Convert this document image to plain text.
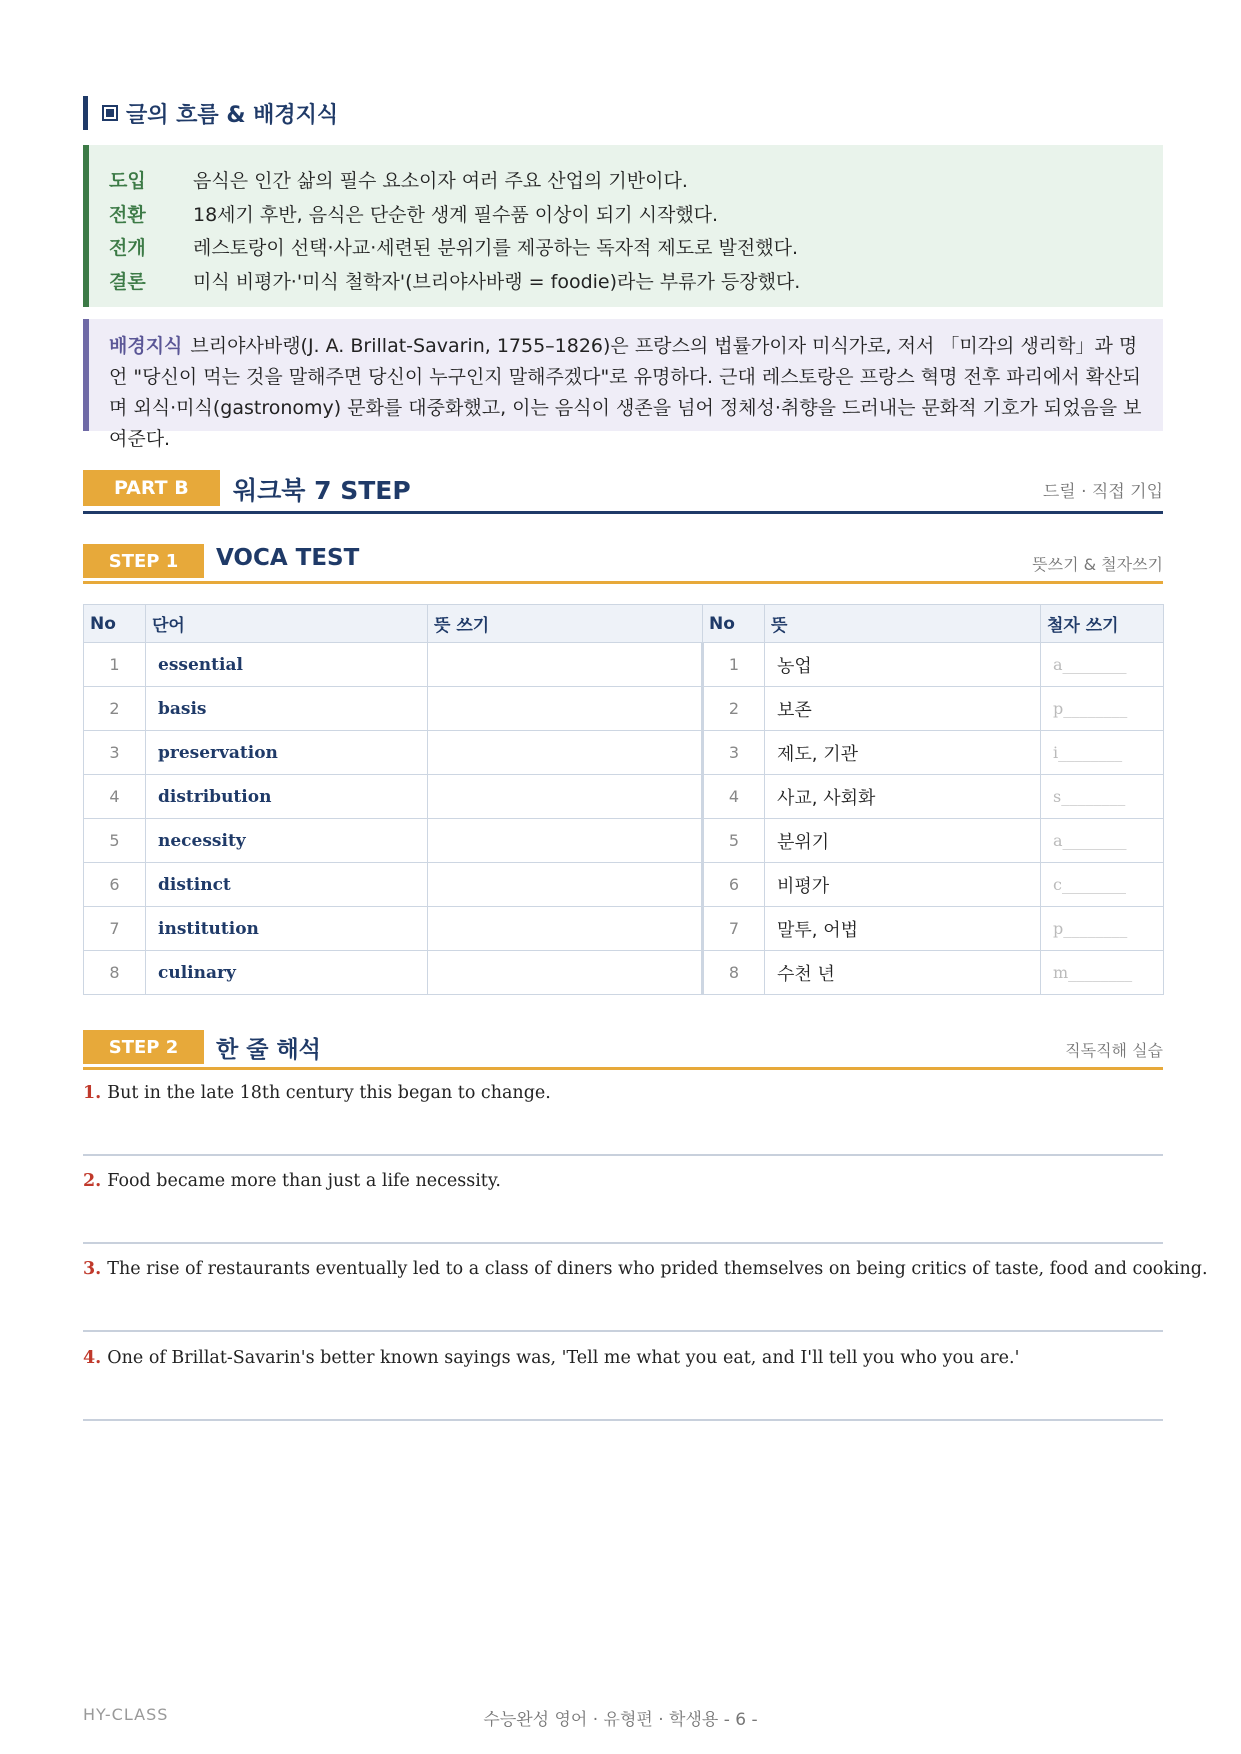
글의 흐름 & 배경지식
도입	음식은 인간 삶의 필수 요소이자 여러 주요 산업의 기반이다.
전환	18세기 후반, 음식은 단순한 생계 필수품 이상이 되기 시작했다.
전개	레스토랑이 선택·사교·세련된 분위기를 제공하는 독자적 제도로 발전했다.
결론	미식 비평가·'미식 철학자'(브리야사바랭 = foodie)라는 부류가 등장했다.
배경지식 브리야사바랭(J. A. Brillat-Savarin, 1755–1826)은 프랑스의 법률가이자 미식가로, 저서 「미각의 생리학」과 명언 "당신이 먹는 것을 말해주면 당신이 누구인지 말해주겠다"로 유명하다. 근대 레스토랑은 프랑스 혁명 전후 파리에서 확산되며 외식·미식(gastronomy) 문화를 대중화했고, 이는 음식이 생존을 넘어 정체성·취향을 드러내는 문화적 기호가 되었음을 보여준다.
PART B	워크북 7 STEP	드릴 · 직접 기입
STEP 1	VOCA TEST	뜻쓰기 & 철자쓰기
No	단어	뜻 쓰기	No	뜻	철자 쓰기
1	essential		1	농업	a________
2	basis		2	보존	p________
3	preservation		3	제도, 기관	i________
4	distribution		4	사교, 사회화	s________
5	necessity		5	분위기	a________
6	distinct		6	비평가	c________
7	institution		7	말투, 어법	p________
8	culinary		8	수천 년	m________
STEP 2	한 줄 해석	직독직해 실습
1. But in the late 18th century this began to change.
2. Food became more than just a life necessity.
3. The rise of restaurants eventually led to a class of diners who prided themselves on being critics of taste, food and cooking.
4. One of Brillat-Savarin's better known sayings was, 'Tell me what you eat, and I'll tell you who you are.'
HY-CLASS	수능완성 영어 · 유형편 · 학생용 - 6 -
